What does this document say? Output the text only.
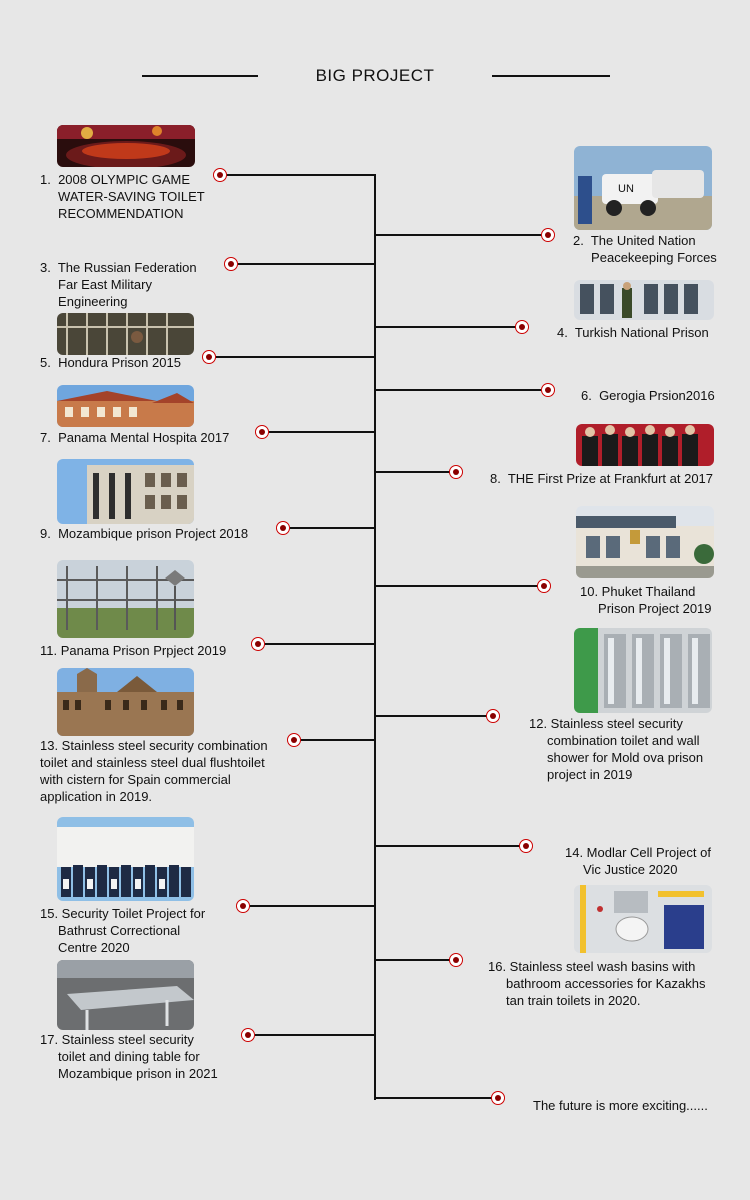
BIG PROJECT
UN
1.  2008 OLYMPIC GAME
WATER-SAVING TOILET
RECOMMENDATION
2.  The United Nation
Peacekeeping Forces
3.  The Russian Federation
Far East Military
Engineering
4.  Turkish National Prison
5.  Hondura Prison 2015
6.  Gerogia Prsion2016
7.  Panama Mental Hospita 2017
8.  THE First Prize at Frankfurt at 2017
9.  Mozambique prison Project 2018
10. Phuket Thailand
Prison Project 2019
11. Panama Prison Prpject 2019
12. Stainless steel security
combination toilet and wall
shower for Mold ova prison
project in 2019
13. Stainless steel security combination
toilet and stainless steel dual flushtoilet
with cistern for Spain commercial
application in 2019.
14. Modlar Cell Project of
Vic Justice 2020
15. Security Toilet Project for
Bathrust Correctional
Centre 2020
16. Stainless steel wash basins with
bathroom accessories for Kazakhs
tan train toilets in 2020.
17. Stainless steel security
toilet and dining table for
Mozambique prison in 2021
The future is more exciting......
